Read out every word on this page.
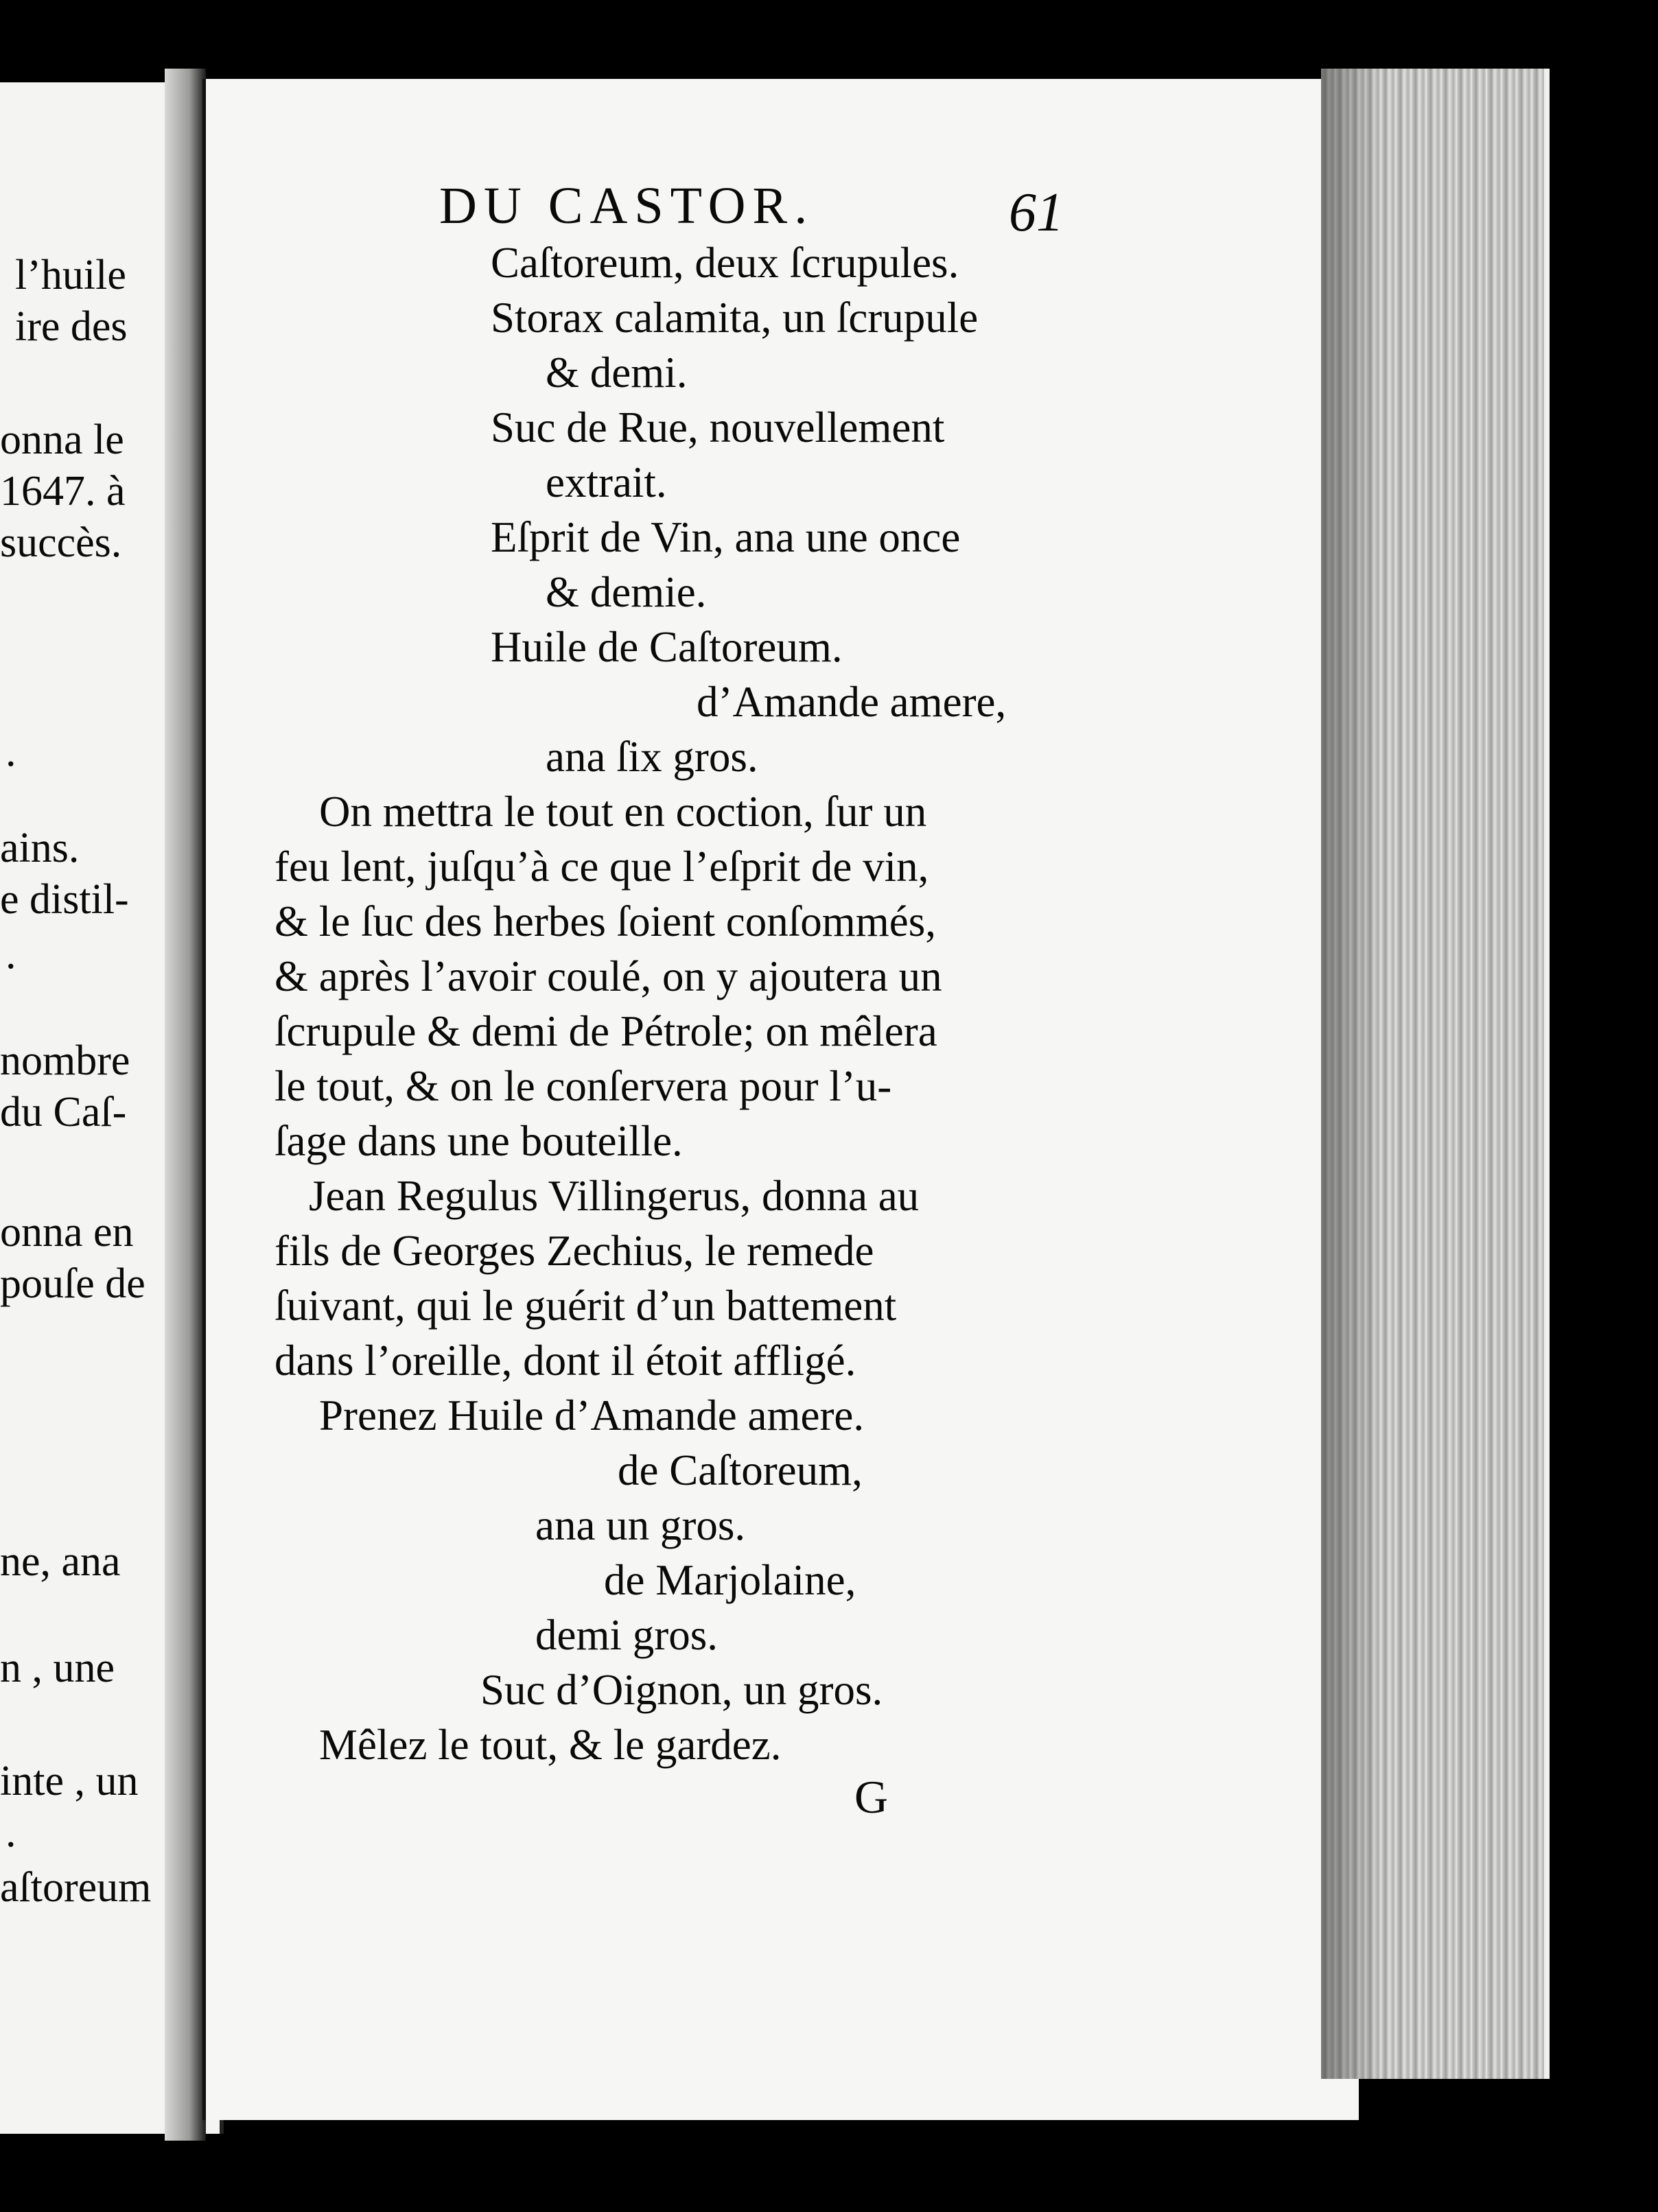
l’huile
ire des
onna le
1647. à
succès.
.
ains.
e distil-
.
nombre
du Caſ-
onna en
pouſe de
ne, ana
n , une
inte , un
.
aſtoreum
DU CASTOR.	61
Caſtoreum, deux ſcrupules.
Storax calamita, un ſcrupule
& demi.
Suc de Rue, nouvellement
extrait.
Eſprit de Vin, ana une once
& demie.
Huile de Caſtoreum.
d’Amande amere,
ana ſix gros.
On mettra le tout en coction, ſur un
feu lent, juſqu’à ce que l’eſprit de vin,
& le ſuc des herbes ſoient conſommés,
& après l’avoir coulé, on y ajoutera un
ſcrupule & demi de Pétrole; on mêlera
le tout, & on le conſervera pour l’u-
ſage dans une bouteille.
Jean Regulus Villingerus, donna au
fils de Georges Zechius, le remede
ſuivant, qui le guérit d’un battement
dans l’oreille, dont il étoit affligé.
Prenez Huile d’Amande amere.
de Caſtoreum,
ana un gros.
de Marjolaine,
demi gros.
Suc d’Oignon, un gros.
Mêlez le tout, & le gardez.
G
